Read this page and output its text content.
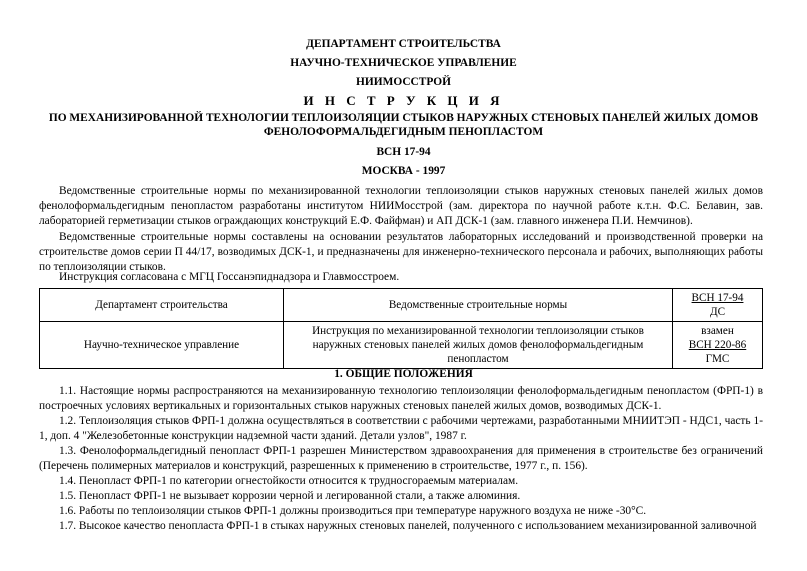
ДЕПАРТАМЕНТ СТРОИТЕЛЬСТВА
НАУЧНО-ТЕХНИЧЕСКОЕ УПРАВЛЕНИЕ
НИИМОССТРОЙ
И Н С Т Р У К Ц И Я
ПО МЕХАНИЗИРОВАННОЙ ТЕХНОЛОГИИ ТЕПЛОИЗОЛЯЦИИ СТЫКОВ НАРУЖНЫХ СТЕНОВЫХ ПАНЕЛЕЙ ЖИЛЫХ ДОМОВ
ФЕНОЛОФОРМАЛЬДЕГИДНЫМ ПЕНОПЛАСТОМ
ВСН 17-94
МОСКВА - 1997
Ведомственные строительные нормы по механизированной технологии теплоизоляции стыков наружных стеновых панелей жилых домов фенолоформальдегидным пенопластом разработаны институтом НИИМосстрой (зам. директора по научной работе к.т.н. Ф.С. Белавин, зав. лабораторией герметизации стыков ограждающих конструкций Е.Ф. Файфман) и АП ДСК-1 (зам. главного инженера П.И. Немчинов).
Ведомственные строительные нормы составлены на основании результатов лабораторных исследований и производственной проверки на строительстве домов серии П 44/17, возводимых ДСК-1, и предназначены для инженерно-технического персонала и рабочих, выполняющих работы по теплоизоляции стыков.
Инструкция согласована с МГЦ Госсанэпиднадзора и Главмосстроем.
Департамент строительства	Ведомственные строительные нормы	ВСН 17-94
ДС

Научно-техническое управление	Инструкция по механизированной технологии теплоизоляции стыков наружных стеновых панелей жилых домов фенолоформальдегидным пенопластом	взамен
ВСН 220-86
ГМС
1. ОБЩИЕ ПОЛОЖЕНИЯ
1.1. Настоящие нормы распространяются на механизированную технологию теплоизоляции фенолоформальдегидным пенопластом (ФРП-1) в построечных условиях вертикальных и горизонтальных стыков наружных стеновых панелей жилых домов, возводимых ДСК-1.
1.2. Теплоизоляция стыков ФРП-1 должна осуществляться в соответствии с рабочими чертежами, разработанными МНИИТЭП - НДС1, часть 1-1, доп. 4 "Железобетонные конструкции надземной части зданий. Детали узлов", 1987 г.
1.3. Фенолоформальдегидный пенопласт ФРП-1 разрешен Министерством здравоохранения для применения в строительстве без ограничений (Перечень полимерных материалов и конструкций, разрешенных к применению в строительстве, 1977 г., п. 156).
1.4. Пенопласт ФРП-1 по категории огнестойкости относится к трудносгораемым материалам.
1.5. Пенопласт ФРП-1 не вызывает коррозии черной и легированной стали, а также алюминия.
1.6. Работы по теплоизоляции стыков ФРП-1 должны производиться при температуре наружного воздуха не ниже -30°С.
1.7. Высокое качество пенопласта ФРП-1 в стыках наружных стеновых панелей, полученного с использованием механизированной заливочной
